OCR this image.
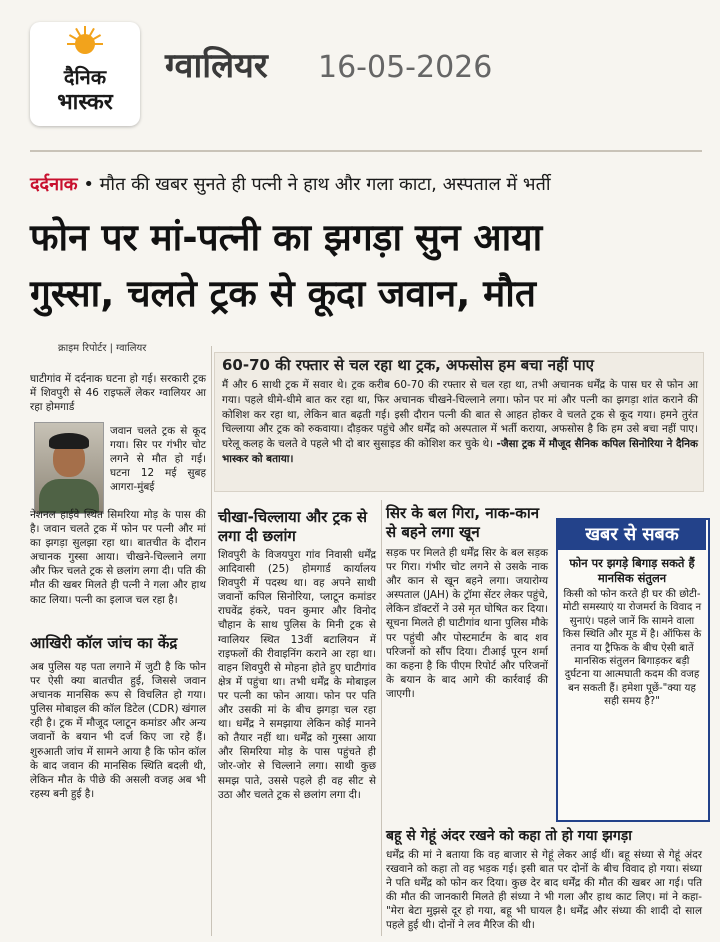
दैनिक
भास्कर
ग्वालियर 16-05-2026
दर्दनाक • मौत की खबर सुनते ही पत्नी ने हाथ और गला काटा, अस्पताल में भर्ती
फोन पर मां-पत्नी का झगड़ा सुन आया
गुस्सा, चलते ट्रक से कूदा जवान, मौत
क्राइम रिपोर्टर | ग्वालियर
घाटीगांव में दर्दनाक घटना हो गई। सरकारी ट्रक में शिवपुरी से 46 राइफलें लेकर ग्वालियर आ रहा होमगार्ड
जवान चलते ट्रक से कूद गया। सिर पर गंभीर चोट लगने से मौत हो गई। घटना 12 मई सुबह आगरा-मुंबई
नेशनल हाईवे स्थित सिमरिया मोड़ के पास की है। जवान चलते ट्रक में फोन पर पत्नी और मां का झगड़ा सुलझा रहा था। बातचीत के दौरान अचानक गुस्सा आया। चीखने-चिल्लाने लगा और फिर चलते ट्रक से छलांग लगा दी। पति की मौत की खबर मिलते ही पत्नी ने गला और हाथ काट लिया। पत्नी का इलाज चल रहा है।
आखिरी कॉल जांच का केंद्र
अब पुलिस यह पता लगाने में जुटी है कि फोन पर ऐसी क्या बातचीत हुई, जिससे जवान अचानक मानसिक रूप से विचलित हो गया। पुलिस मोबाइल की कॉल डिटेल (CDR) खंगाल रही है। ट्रक में मौजूद प्लाटून कमांडर और अन्य जवानों के बयान भी दर्ज किए जा रहे हैं। शुरुआती जांच में सामने आया है कि फोन कॉल के बाद जवान की मानसिक स्थिति बदली थी, लेकिन मौत के पीछे की असली वजह अब भी रहस्य बनी हुई है।
60-70 की रफ्तार से चल रहा था ट्रक, अफसोस हम बचा नहीं पाए
मैं और 6 साथी ट्रक में सवार थे। ट्रक करीब 60-70 की रफ्तार से चल रहा था, तभी अचानक धर्मेंद्र के पास घर से फोन आ गया। पहले धीमे-धीमे बात कर रहा था, फिर अचानक चीखने-चिल्लाने लगा। फोन पर मां और पत्नी का झगड़ा शांत कराने की कोशिश कर रहा था, लेकिन बात बढ़ती गई। इसी दौरान पत्नी की बात से आहत होकर वे चलते ट्रक से कूद गया। हमने तुरंत चिल्लाया और ट्रक को रुकवाया। दौड़कर पहुंचे और धर्मेंद्र को अस्पताल में भर्ती कराया, अफसोस है कि हम उसे बचा नहीं पाए। घरेलू कलह के चलते वे पहले भी दो बार सुसाइड की कोशिश कर चुके थे। -जैसा ट्रक में मौजूद सैनिक कपिल सिनोरिया ने दैनिक भास्कर को बताया।
चीखा-चिल्लाया और ट्रक से लगा दी छलांग
शिवपुरी के विजयपुरा गांव निवासी धर्मेंद्र आदिवासी (25) होमगार्ड कार्यालय शिवपुरी में पदस्थ था। वह अपने साथी जवानों कपिल सिनोरिया, प्लाटून कमांडर राघवेंद्र हंकरे, पवन कुमार और विनोद चौहान के साथ पुलिस के मिनी ट्रक से ग्वालियर स्थित 13वीं बटालियन में राइफलों की रीवाइनिंग कराने आ रहा था। वाहन शिवपुरी से मोहना होते हुए घाटीगांव क्षेत्र में पहुंचा था। तभी धर्मेंद्र के मोबाइल पर पत्नी का फोन आया। फोन पर पति और उसकी मां के बीच झगड़ा चल रहा था। धर्मेंद्र ने समझाया लेकिन कोई मानने को तैयार नहीं था। धर्मेंद्र को गुस्सा आया और सिमरिया मोड़ के पास पहुंचते ही जोर-जोर से चिल्लाने लगा। साथी कुछ समझ पाते, उससे पहले ही वह सीट से उठा और चलते ट्रक से छलांग लगा दी।
सिर के बल गिरा, नाक-कान से बहने लगा खून
सड़क पर मिलते ही धर्मेंद्र सिर के बल सड़क पर गिरा। गंभीर चोट लगने से उसके नाक और कान से खून बहने लगा। जयारोग्य अस्पताल (JAH) के ट्रॉमा सेंटर लेकर पहुंचे, लेकिन डॉक्टरों ने उसे मृत घोषित कर दिया। सूचना मिलते ही घाटीगांव थाना पुलिस मौके पर पहुंची और पोस्टमार्टम के बाद शव परिजनों को सौंप दिया। टीआई पूरन शर्मा का कहना है कि पीएम रिपोर्ट और परिजनों के बयान के बाद आगे की कार्रवाई की जाएगी।
खबर से सबक
फोन पर झगड़े बिगाड़ सकते हैं मानसिक संतुलन
किसी को फोन करते ही घर की छोटी-मोटी समस्याएं या रोजमर्रा के विवाद न सुनाएं। पहले जानें कि सामने वाला किस स्थिति और मूड में है। ऑफिस के तनाव या ट्रैफिक के बीच ऐसी बातें मानसिक संतुलन बिगाड़कर बड़ी दुर्घटना या आत्मघाती कदम की वजह बन सकती हैं। हमेशा पूछें-"क्या यह सही समय है?"
बहू से गेहूं अंदर रखने को कहा तो हो गया झगड़ा
धर्मेंद्र की मां ने बताया कि वह बाजार से गेहूं लेकर आई थीं। बहू संध्या से गेहूं अंदर रखवाने को कहा तो वह भड़क गई। इसी बात पर दोनों के बीच विवाद हो गया। संध्या ने पति धर्मेंद्र को फोन कर दिया। कुछ देर बाद धर्मेंद्र की मौत की खबर आ गई। पति की मौत की जानकारी मिलते ही संध्या ने भी गला और हाथ काट लिए। मां ने कहा- "मेरा बेटा मुझसे दूर हो गया, बहू भी घायल है। धर्मेंद्र और संध्या की शादी दो साल पहले हुई थी। दोनों ने लव मैरिज की थी।
